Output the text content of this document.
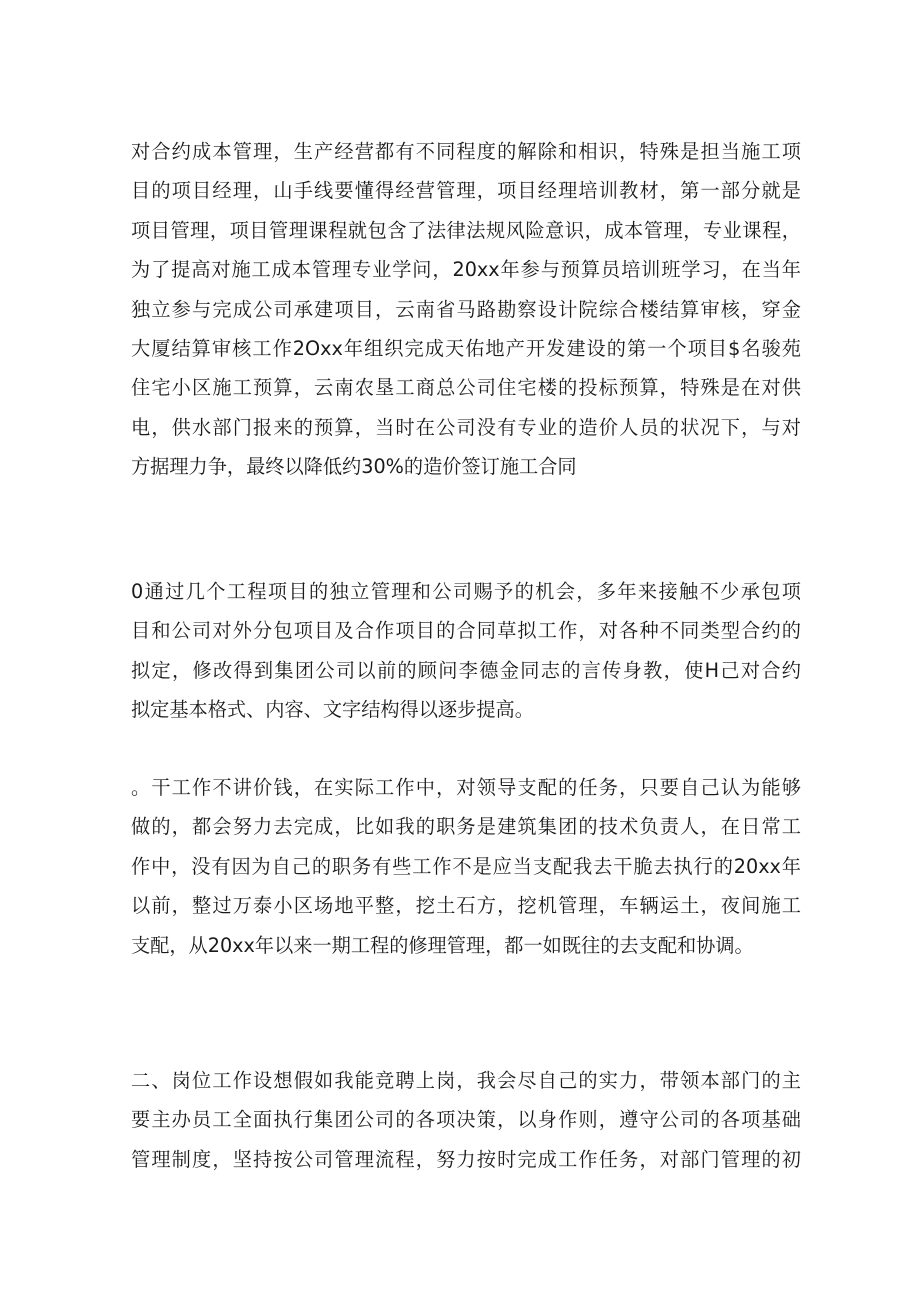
对合约成本管理，生产经营都有不同程度的解除和相识，特殊是担当施工项
目的项目经理，山手线要懂得经营管理，项目经理培训教材，第一部分就是
项目管理，项目管理课程就包含了法律法规风险意识，成本管理，专业课程，
为了提高对施工成本管理专业学问，20xx年参与预算员培训班学习，在当年
独立参与完成公司承建项目，云南省马路勘察设计院综合楼结算审核，穿金
大厦结算审核工作2Oxx年组织完成天佑地产开发建设的第一个项目$名骏苑
住宅小区施工预算，云南农垦工商总公司住宅楼的投标预算，特殊是在对供
电，供水部门报来的预算，当时在公司没有专业的造价人员的状况下，与对
方据理力争，最终以降低约30%的造价签订施工合同
0通过几个工程项目的独立管理和公司赐予的机会，多年来接触不少承包项
目和公司对外分包项目及合作项目的合同草拟工作，对各种不同类型合约的
拟定，修改得到集团公司以前的顾问李德金同志的言传身教，使H己对合约
拟定基本格式、内容、文字结构得以逐步提高。
。干工作不讲价钱，在实际工作中，对领导支配的任务，只要自己认为能够
做的，都会努力去完成，比如我的职务是建筑集团的技术负责人，在日常工
作中，没有因为自己的职务有些工作不是应当支配我去干脆去执行的20xx年
以前，整过万泰小区场地平整，挖土石方，挖机管理，车辆运土，夜间施工
支配，从20xx年以来一期工程的修理管理，都一如既往的去支配和协调。
二、岗位工作设想假如我能竞聘上岗，我会尽自己的实力，带领本部门的主
要主办员工全面执行集团公司的各项决策，以身作则，遵守公司的各项基础
管理制度，坚持按公司管理流程，努力按时完成工作任务，对部门管理的初
